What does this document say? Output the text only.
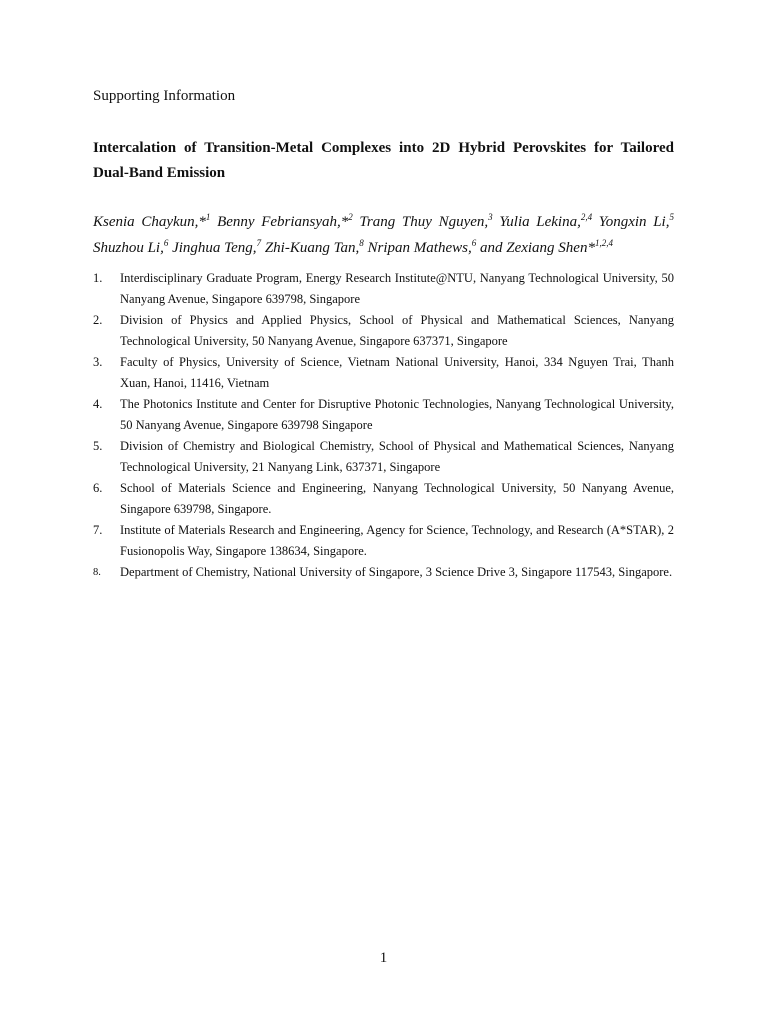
Supporting Information
Intercalation of Transition-Metal Complexes into 2D Hybrid Perovskites for Tailored Dual-Band Emission
Ksenia Chaykun,*$^1$ Benny Febriansyah,*$^2$ Trang Thuy Nguyen,$^3$ Yulia Lekina,$^{2,4}$ Yongxin Li,$^5$ Shuzhou Li,$^6$ Jinghua Teng,$^7$ Zhi-Kuang Tan,$^8$ Nripan Mathews,$^6$ and Zexiang Shen*$^{1,2,4}$
1. Interdisciplinary Graduate Program, Energy Research Institute@NTU, Nanyang Technological University, 50 Nanyang Avenue, Singapore 639798, Singapore
2. Division of Physics and Applied Physics, School of Physical and Mathematical Sciences, Nanyang Technological University, 50 Nanyang Avenue, Singapore 637371, Singapore
3. Faculty of Physics, University of Science, Vietnam National University, Hanoi, 334 Nguyen Trai, Thanh Xuan, Hanoi, 11416, Vietnam
4. The Photonics Institute and Center for Disruptive Photonic Technologies, Nanyang Technological University, 50 Nanyang Avenue, Singapore 639798 Singapore
5. Division of Chemistry and Biological Chemistry, School of Physical and Mathematical Sciences, Nanyang Technological University, 21 Nanyang Link, 637371, Singapore
6. School of Materials Science and Engineering, Nanyang Technological University, 50 Nanyang Avenue, Singapore 639798, Singapore.
7. Institute of Materials Research and Engineering, Agency for Science, Technology, and Research (A*STAR), 2 Fusionopolis Way, Singapore 138634, Singapore.
8. Department of Chemistry, National University of Singapore, 3 Science Drive 3, Singapore 117543, Singapore.
1
